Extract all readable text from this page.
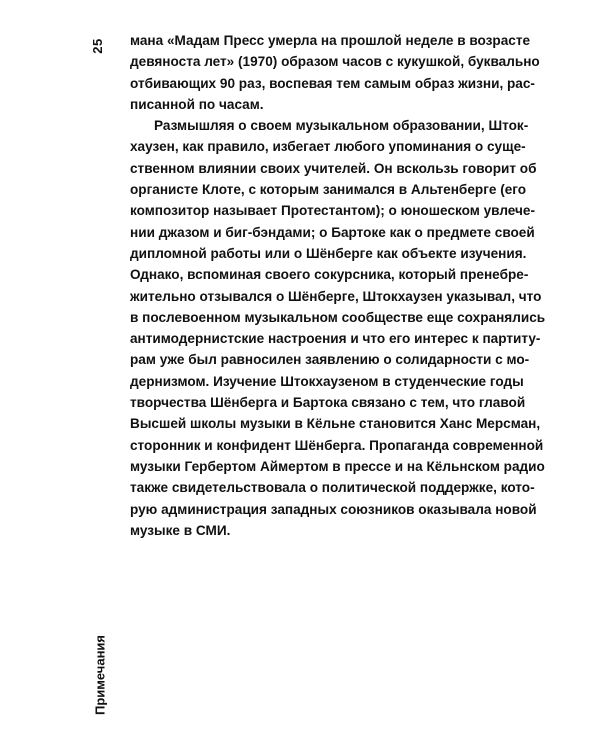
25
Примечания

мана «Мадам Пресс умерла на прошлой неделе в возрасте
девяноста лет» (1970) образом часов с кукушкой, буквально
отбивающих 90 раз, воспевая тем самым образ жизни, рас-
писанной по часам.

Размышляя о своем музыкальном образовании, Шток-
хаузен, как правило, избегает любого упоминания о суще-
ственном влиянии своих учителей. Он вскользь говорит об
органисте Клоте, с которым занимался в Альтенберге (его
композитор называет Протестантом); о юношеском увлече-
нии джазом и биг-бэндами; о Бартоке как о предмете своей
дипломной работы или о Шёнберге как объекте изучения.
Однако, вспоминая своего сокурсника, который пренебре-
жительно отзывался о Шёнберге, Штокхаузен указывал, что
в послевоенном музыкальном сообществе еще сохранялись
антимодернистские настроения и что его интерес к партиту-
рам уже был равносилен заявлению о солидарности с мо-
дернизмом. Изучение Штокхаузеном в студенческие годы
творчества Шёнберга и Бартока связано с тем, что главой
Высшей школы музыки в Кёльне становится Ханс Мерсман,
сторонник и конфидент Шёнберга. Пропаганда современной
музыки Гербертом Аймертом в прессе и на Кёльнском радио
также свидетельствовала о политической поддержке, кото-
рую администрация западных союзников оказывала новой
музыке в СМИ.
